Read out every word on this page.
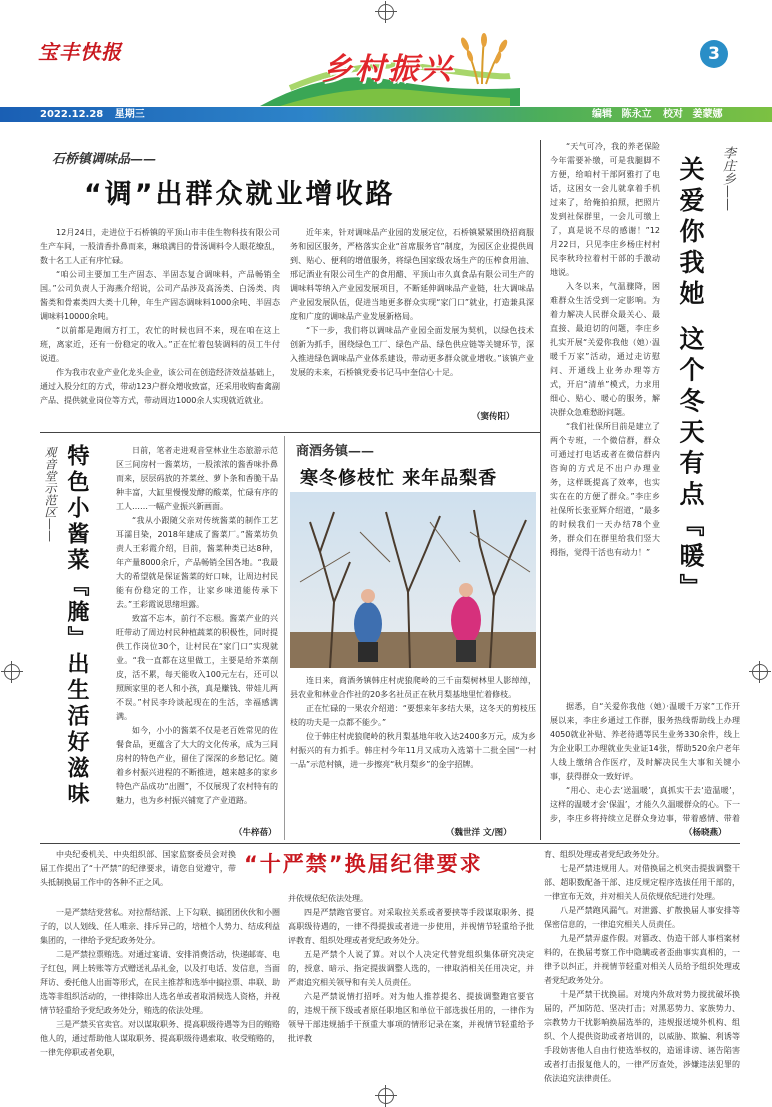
宝丰快报	乡村振兴	3
2022.12.28 星期三	编辑 陈永立 校对 姜蒙娜
石桥镇调味品——
“调”出群众就业增收路

12月24日，走进位于石桥镇的平顶山市丰佳生物科技有限公司生产车间，一股清香扑鼻而来，琳琅满目的骨汤调料令人眼花缭乱，数十名工人正有序忙碌。

“咱公司主要加工生产固态、半固态复合调味料，产品畅销全国。”公司负责人于海燕介绍说，公司产品涉及高汤类、白汤类、肉酱类和骨素类四大类十几种，年生产固态调味料1000余吨、半固态调味料10000余吨。

“以前都是跑闹方打工，农忙的时候也回不来，现在咱在这上班，离家近，还有一份稳定的收入。”正在忙着包装调料的员工牛付说道。

作为我市农业产业化龙头企业，该公司在创造经济效益基础上，通过入股分红的方式，带动123户群众增收致富，还采用收购畜禽副产品、提供就业岗位等方式，带动周边1000余人实现就近就业。

近年来，针对调味品产业园的发展定位，石桥镇紧紧围绕招商服务和园区服务，严格落实企业“首席服务官”制度，为园区企业提供周到、贴心、便利的增值服务，将绿色国家级农场生产的压榨食用油、邢记酒业有限公司生产的食用醋、平顶山市久真食品有限公司生产的调味料等纳入产业园发展项目，不断延伸调味品产业链，壮大调味品产业园发展队伍，促进当地更多群众实现“家门口”就业，打造兼具深度和广度的调味品产业发展新格局。

“下一步，我们将以调味品产业园全面发展为契机，以绿色技术创新为抓手，围绕绿色工厂、绿色产品、绿色供应链等关键环节，深入推进绿色调味品产业体系建设，带动更多群众就业增收。”该镇产业发展的未来，石桥镇党委书记马中奎信心十足。

（窦传阳）
李庄乡——
关爱你我她 这个冬天有点『暖』

“天气可冷，我的养老保险今年需要补缴，可是我腿脚不方便，给咱村干部阿雅打了电话，这困女一会儿就拿着手机过来了，给俺拍拍照，把照片发到社保群里，一会儿可缴上了，真是说不尽的感谢！”12月22日，只见李庄乡杨庄村村民李秋玲拉着村干部的手激动地说。

入冬以来，气温骤降，困难群众生活受到一定影响。为着力解决人民群众最关心、最直接、最迫切的问题，李庄乡扎实开展“关爱你我他（她）·温暖千万家”活动，通过走访慰问、开通线上业务办理等方式，开启“清单”模式，力求用细心、贴心、暖心的服务，解决群众急难愁盼问题。

“我们社保所目前是建立了两个专班，一个微信群，群众可通过打电话或者在微信群内咨询的方式足不出户办理业务，这样既提高了效率，也实实在在的方便了群众。”李庄乡社保所长张亚辉介绍道，“最多的时候我们一天办结78个业务，群众们在群里给我们竖大拇指，觉得干活也有动力！”

据悉，自“关爱你我他（她）·温暖千万家”工作开展以来，李庄乡通过工作群，服务热线帮助线上办理4050就业补贴、养老待遇等民生业务330余件，线上为企业职工办理就业失业证14张，帮助520余户老年人线上缴纳合作医疗，及时解决民生大事和关键小事，获得群众一致好评。

“用心、走心去‘送温暖’，真抓实干去‘造温暖’，这样的温暖才会‘保温’，才能久久温暖群众的心。下一步，李庄乡将持续立足群众身边事，带着感情、带着

（杨晓燕）
观音堂示范区—— 特色小酱菜『腌』出生活好滋味	日前，笔者走进观音堂林业生态旅游示范区三间房村一酱菜坊，一股浓浓的酱香味扑鼻而来，层层码放的芥菜丝、萝卜条和香脆干品种丰富，大缸里慢慢发酵的酸菜，忙碌有序的工人……一幅产业振兴新画面。

“我从小跟随父亲对传统酱菜的制作工艺耳濡目染，2018年建成了酱菜厂。”酱菜坊负责人王彩霞介绍，目前，酱菜种类已达8种，年产量8000余斤，产品畅销全国各地。“我最大的希望就是保证酱菜的好口味，让周边村民能有份稳定的工作，让家乡味道能传承下去。”王彩霞说思绪坦露。

致富不忘本，前行不忘根。酱菜产业的兴旺带动了周边村民种植蔬菜的积极性，同时提供工作岗位30个，让村民在“家门口”实现就业。“我一直都在这里做工，主要是给芥菜削皮，活不累，每天能收入100元左右，还可以照顾家里的老人和小孩，真是赚钱、带娃儿两不误。”村民李玲谈起现在的生活，幸福感满满。

如今，小小的酱菜不仅是老百姓常见的佐餐食品，更蕴含了大大的文化传承，成为三间房村的特色产业，留住了深深的乡愁记忆。随着乡村振兴进程的不断推进，越来越多的家乡特色产品成功“出圈”，不仅展现了农村特有的魅力，也为乡村振兴铺宽了产业道路。

（牛梓蓓）
商酒务镇——
寒冬修枝忙 来年品梨香

连日来，商酒务镇韩庄村虎狼爬岭的三千亩梨树林里人影绰绰，县农业和林业合作社的20多名社员正在秋月梨基地里忙着修枝。

正在忙碌的一果农介绍道：“要想来年多结大果，这冬天的剪枝压枝的功夫是一点都不能少。”

位于韩庄村虎狼爬岭的秋月梨基地年收入达2400多万元，成为乡村振兴的有力抓手。韩庄村今年11月又成功入选第十二批全国“一村一品”示范村镇，进一步擦亮“秋月梨乡”的金字招牌。

（魏世洋 文/图）
“十严禁”换届纪律要求

中央纪委机关、中央组织部、国家监察委员会对换届工作提出了“十严禁”的纪律要求，请您自觉遵守，带头抵制换届工作中的各种不正之风。

一是严禁结党营私。对拉帮结派、上下勾联、搞团团伙伙和小圈子的，以人划线、任人唯亲、排斥异己的，培植个人势力、结成利益集团的，一律给予党纪政务处分。

二是严禁拉票贿选。对通过宴请、安排消费活动，快递邮寄、电子红包，网上转账等方式赠送礼品礼金，以及打电话、发信息，当面拜访、委托他人出面等形式，在民主推荐和选举中搞拉票、串联、助选等非组织活动的，一律排除出人选名单或者取消候选人资格，并视情节轻重给予党纪政务处分，贿选的依法处理。

三是严禁买官卖官。对以谋取职务、提高职级待遇等为目的贿赂他人的，通过帮助他人谋取职务、提高职级待遇索取、收受贿赂的，一律先停职或者免职，

并依规依纪依法处理。

四是严禁跑官要官。对采取拉关系或者要挟等手段谋取职务、提高职级待遇的，一律不得提拔或者进一步使用，并视情节轻重给予批评教育、组织处理或者党纪政务处分。

五是严禁个人说了算。对以个人决定代替党组织集体研究决定的，授意、暗示、指定提拔调整人选的，一律取消相关任用决定，并严肃追究相关领导和有关人员责任。

六是严禁说情打招呼。对为他人推荐提名、提拔调整跑官要官的，违规干预下级或者原任职地区和单位干部选拔任用的，一律作为领导干部违规插手干预重大事项的情形记录在案，并视情节轻重给予批评教

育、组织处理或者党纪政务处分。

七是严禁违规用人。对借换届之机突击提拔调整干部、超职数配备干部、违反规定程序选拔任用干部的，一律宣布无效，并对相关人员依规依纪进行处理。

八是严禁跑风漏气。对泄露、扩散换届人事安排等保密信息的，一律追究相关人员责任。

九是严禁弄虚作假。对篡改、伪造干部人事档案材料的，在换届考察工作中隐瞒或者歪曲事实真相的，一律予以纠正，并视情节轻重对相关人员给予组织处理或者党纪政务处分。

十是严禁干扰换届。对境内外敌对势力搅扰破坏换届的，严加防范、坚决打击；对黑恶势力、家族势力、宗教势力干扰影响换届选举的，违规报送境外机构、组织、个人提供资助或者培训的，以威胁、欺骗、利诱等手段妨害他人自由行使选举权的，造谣诽谤、诬告陷害或者打击报复他人的，一律严厉查处，涉嫌违法犯罪的依法追究法律责任。
